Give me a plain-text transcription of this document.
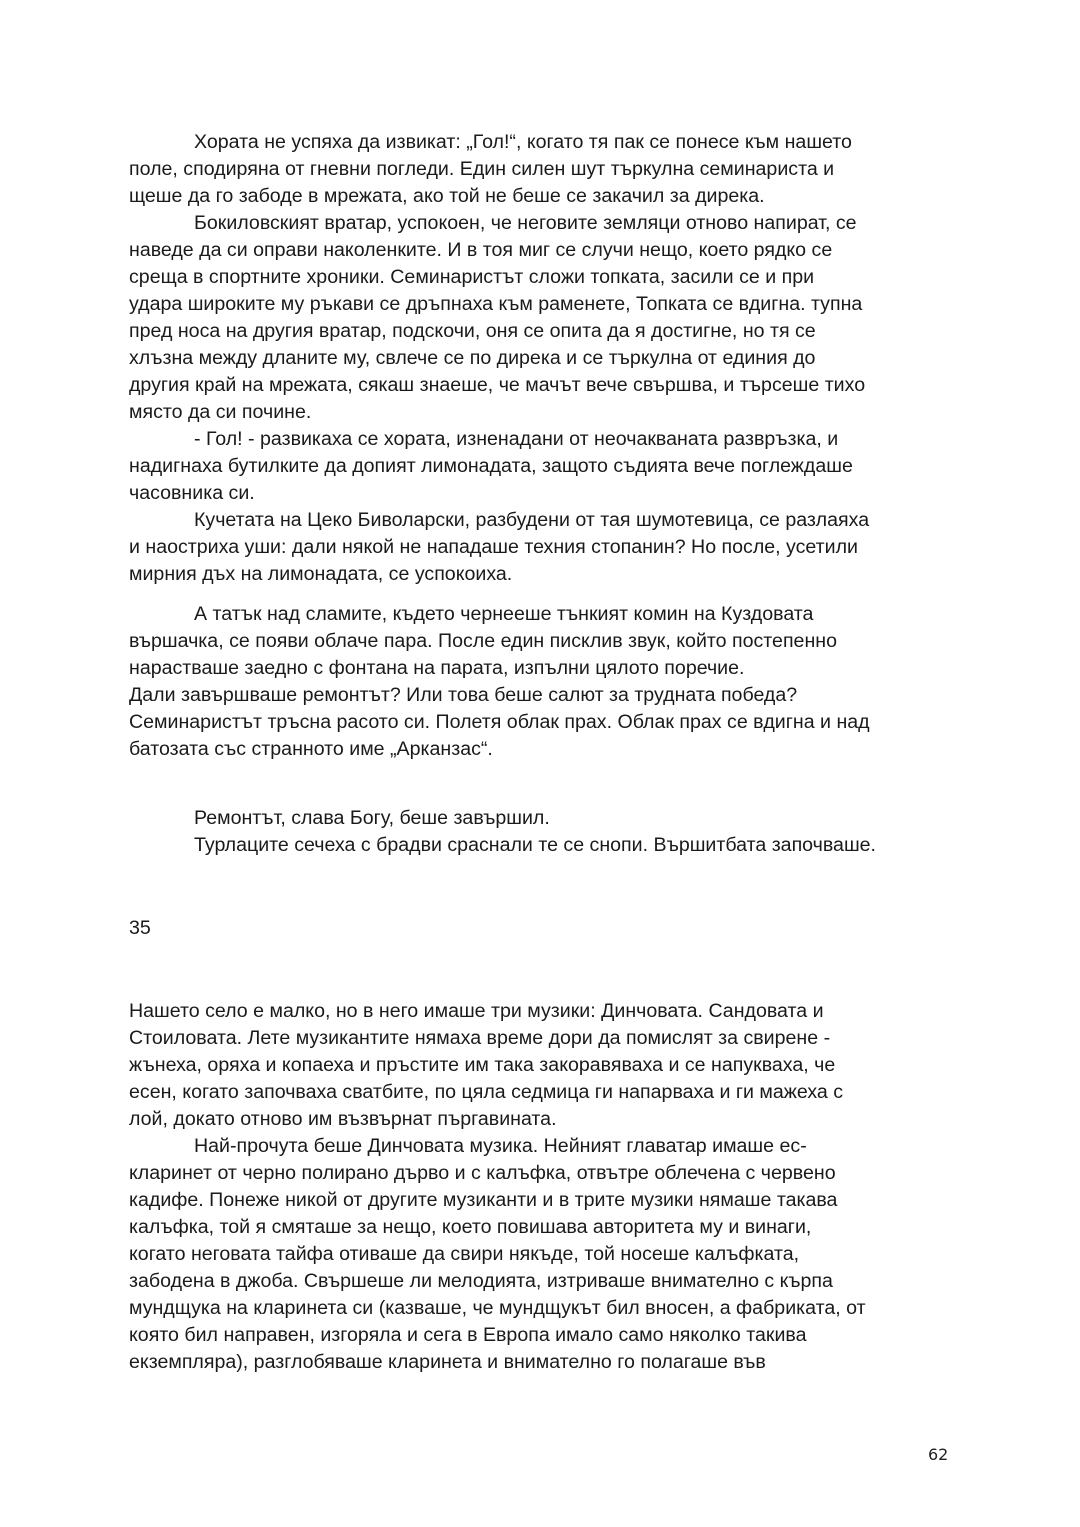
Хората не успяха да извикат: „Гол!“, когато тя пак се понесе към нашето
поле, сподиряна от гневни погледи. Един силен шут търкулна семинариста и
щеше да го забоде в мрежата, ако той не беше се закачил за дирека.
Бокиловският вратар, успокоен, че неговите земляци отново напират, се
наведе да си оправи наколенките. И в тоя миг се случи нещо, което рядко се
среща в спортните хроники. Семинаристът сложи топката, засили се и при
удара широките му ръкави се дръпнаха към раменете, Топката се вдигна. тупна
пред носа на другия вратар, подскочи, оня се опита да я достигне, но тя се
хлъзна между дланите му, свлече се по дирека и се търкулна от единия до
другия край на мрежата, сякаш знаеше, че мачът вече свършва, и търсеше тихо
място да си почине.
- Гол! - развикаха се хората, изненадани от неочакваната развръзка, и
надигнаха бутилките да допият лимонадата, защото съдията вече поглеждаше
часовника си.
Кучетата на Цеко Биволарски, разбудени от тая шумотевица, се разлаяха
и наостриха уши: дали някой не нападаше техния стопанин? Но после, усетили
мирния дъх на лимонадата, се успокоиха.
А татък над сламите, където чернееше тънкият комин на Куздовата
вършачка, се появи облаче пара. После един писклив звук, който постепенно
нарастваше заедно с фонтана на парата, изпълни цялото поречие.
Дали завършваше ремонтът? Или това беше салют за трудната победа?
Семинаристът тръсна расото си. Полетя облак прах. Облак прах се вдигна и над
батозата със странното име „Арканзас“.
Ремонтът, слава Богу, беше завършил.
Турлаците сечеха с брадви сраснали те се снопи. Вършитбата започваше.
35
Нашето село е малко, но в него имаше три музики: Динчовата. Сандовата и
Стоиловата. Лете музикантите нямаха време дори да помислят за свирене -
жънеха, оряха и копаеха и пръстите им така закоравяваха и се напукваха, че
есен, когато започваха сватбите, по цяла седмица ги напарваха и ги мажеха с
лой, докато отново им възвърнат пъргавината.
Най-прочута беше Динчовата музика. Нейният главатар имаше ес-
кларинет от черно полирано дърво и с калъфка, отвътре облечена с червено
кадифе. Понеже никой от другите музиканти и в трите музики нямаше такава
калъфка, той я смяташе за нещо, което повишава авторитета му и винаги,
когато неговата тайфа отиваше да свири някъде, той носеше калъфката,
забодена в джоба. Свършеше ли мелодията, изтриваше внимателно с кърпа
мундщука на кларинета си (казваше, че мундщукът бил вносен, а фабриката, от
която бил направен, изгоряла и сега в Европа имало само няколко такива
екземпляра), разглобяваше кларинета и внимателно го полагаше във
62
